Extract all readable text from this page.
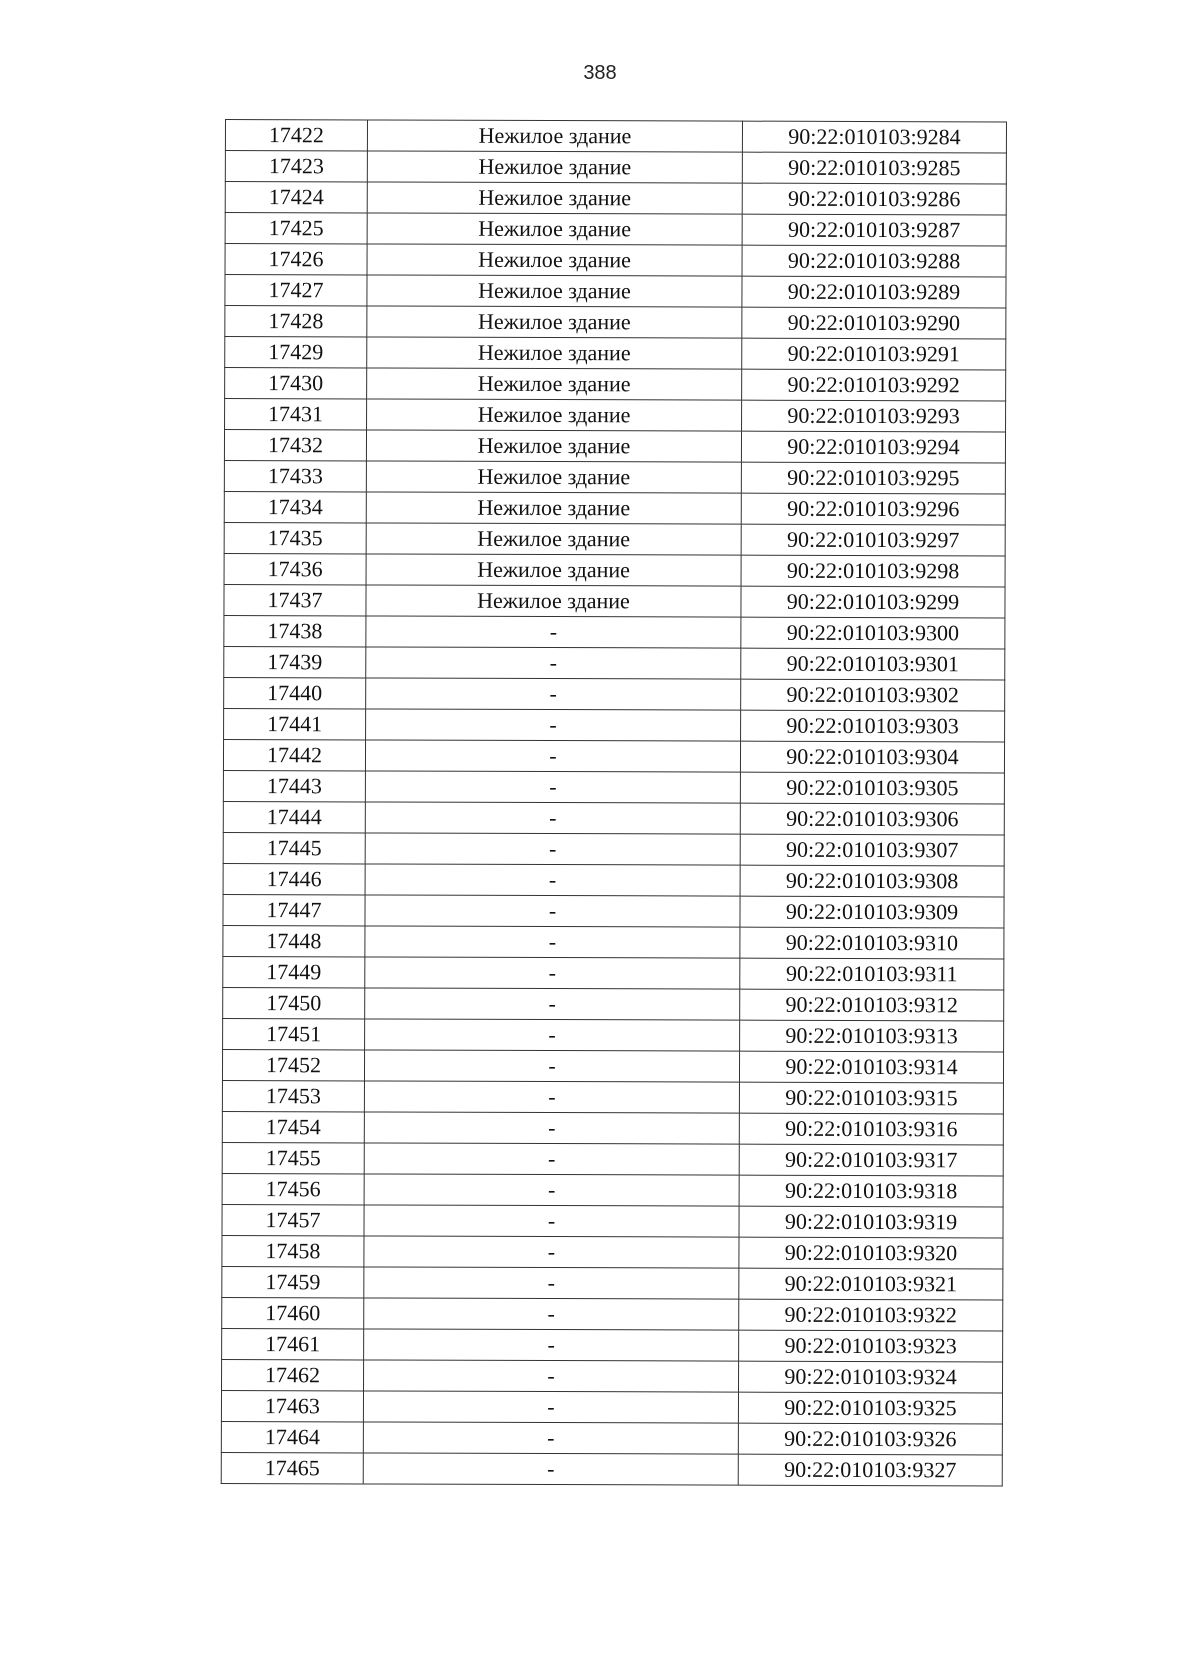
388
17422	Нежилое здание	90:22:010103:9284
17423	Нежилое здание	90:22:010103:9285
17424	Нежилое здание	90:22:010103:9286
17425	Нежилое здание	90:22:010103:9287
17426	Нежилое здание	90:22:010103:9288
17427	Нежилое здание	90:22:010103:9289
17428	Нежилое здание	90:22:010103:9290
17429	Нежилое здание	90:22:010103:9291
17430	Нежилое здание	90:22:010103:9292
17431	Нежилое здание	90:22:010103:9293
17432	Нежилое здание	90:22:010103:9294
17433	Нежилое здание	90:22:010103:9295
17434	Нежилое здание	90:22:010103:9296
17435	Нежилое здание	90:22:010103:9297
17436	Нежилое здание	90:22:010103:9298
17437	Нежилое здание	90:22:010103:9299
17438	-	90:22:010103:9300
17439	-	90:22:010103:9301
17440	-	90:22:010103:9302
17441	-	90:22:010103:9303
17442	-	90:22:010103:9304
17443	-	90:22:010103:9305
17444	-	90:22:010103:9306
17445	-	90:22:010103:9307
17446	-	90:22:010103:9308
17447	-	90:22:010103:9309
17448	-	90:22:010103:9310
17449	-	90:22:010103:9311
17450	-	90:22:010103:9312
17451	-	90:22:010103:9313
17452	-	90:22:010103:9314
17453	-	90:22:010103:9315
17454	-	90:22:010103:9316
17455	-	90:22:010103:9317
17456	-	90:22:010103:9318
17457	-	90:22:010103:9319
17458	-	90:22:010103:9320
17459	-	90:22:010103:9321
17460	-	90:22:010103:9322
17461	-	90:22:010103:9323
17462	-	90:22:010103:9324
17463	-	90:22:010103:9325
17464	-	90:22:010103:9326
17465	-	90:22:010103:9327
